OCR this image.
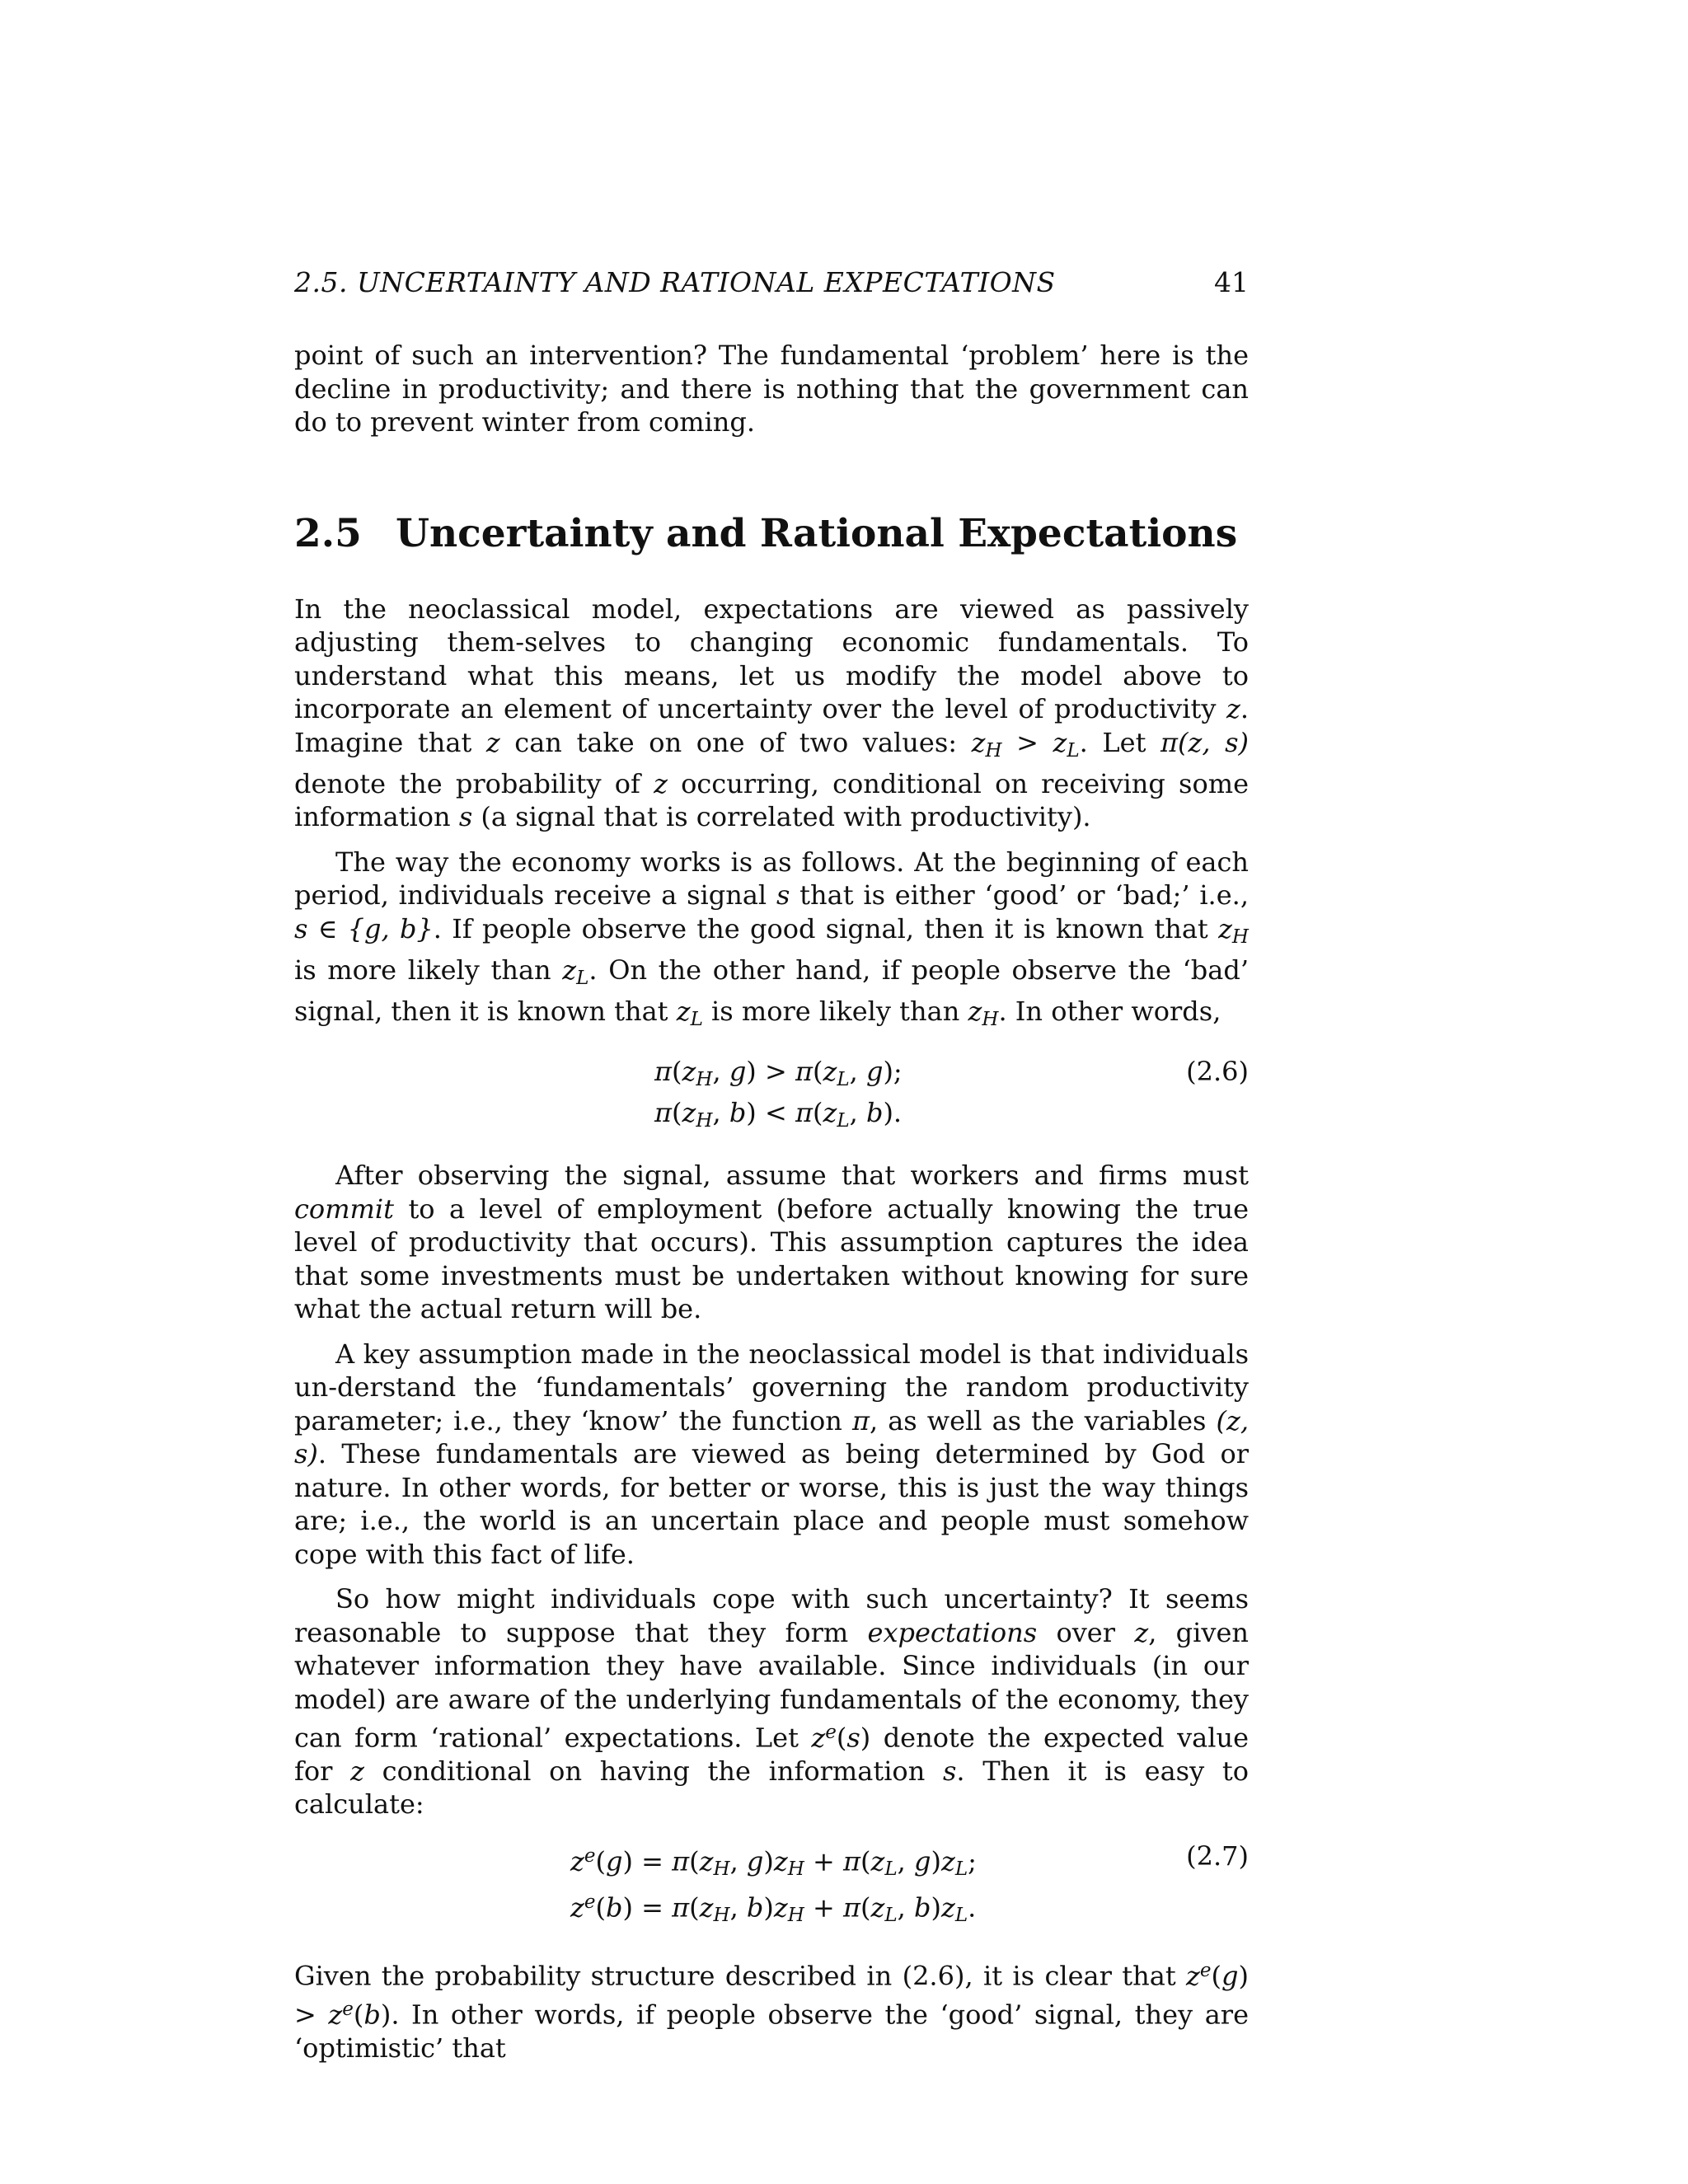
2.5. UNCERTAINTY AND RATIONAL EXPECTATIONS	41

point of such an intervention? The fundamental ‘problem’ here is the decline in productivity; and there is nothing that the government can do to prevent winter from coming.

2.5 Uncertainty and Rational Expectations

In the neoclassical model, expectations are viewed as passively adjusting them-selves to changing economic fundamentals. To understand what this means, let us modify the model above to incorporate an element of uncertainty over the level of productivity z. Imagine that z can take on one of two values: $z_H > z_L$. Let π(z, s) denote the probability of z occurring, conditional on receiving some information s (a signal that is correlated with productivity).

The way the economy works is as follows. At the beginning of each period, individuals receive a signal s that is either ‘good’ or ‘bad;’ i.e., s ∈ {g, b}. If people observe the good signal, then it is known that $z_H$ is more likely than $z_L$. On the other hand, if people observe the ‘bad’ signal, then it is known that $z_L$ is more likely than $z_H$. In other words,

$\pi(z_H$, $g) > \pi(z_L$, g);
$\pi(z_H$, $b) < \pi(z_L$, b).
(2.6)

After observing the signal, assume that workers and firms must commit to a level of employment (before actually knowing the true level of productivity that occurs). This assumption captures the idea that some investments must be undertaken without knowing for sure what the actual return will be.

A key assumption made in the neoclassical model is that individuals un-derstand the ‘fundamentals’ governing the random productivity parameter; i.e., they ‘know’ the function π, as well as the variables (z, s). These fundamentals are viewed as being determined by God or nature. In other words, for better or worse, this is just the way things are; i.e., the world is an uncertain place and people must somehow cope with this fact of life.

So how might individuals cope with such uncertainty? It seems reasonable to suppose that they form expectations over z, given whatever information they have available. Since individuals (in our model) are aware of the underlying fundamentals of the economy, they can form ‘rational’ expectations. Let $z^e(s)$ denote the expected value for z conditional on having the information s. Then it is easy to calculate:

$z^e(g) = \pi(z_H$, $g)z_H + \pi(z_L$, $g)z_L$;
$z^e(b) = \pi(z_H$, $b)z_H + \pi(z_L$, $b)z_L$.
(2.7)

Given the probability structure described in (2.6), it is clear that $z^e(g) > z^e(b)$. In other words, if people observe the ‘good’ signal, they are ‘optimistic’ that
